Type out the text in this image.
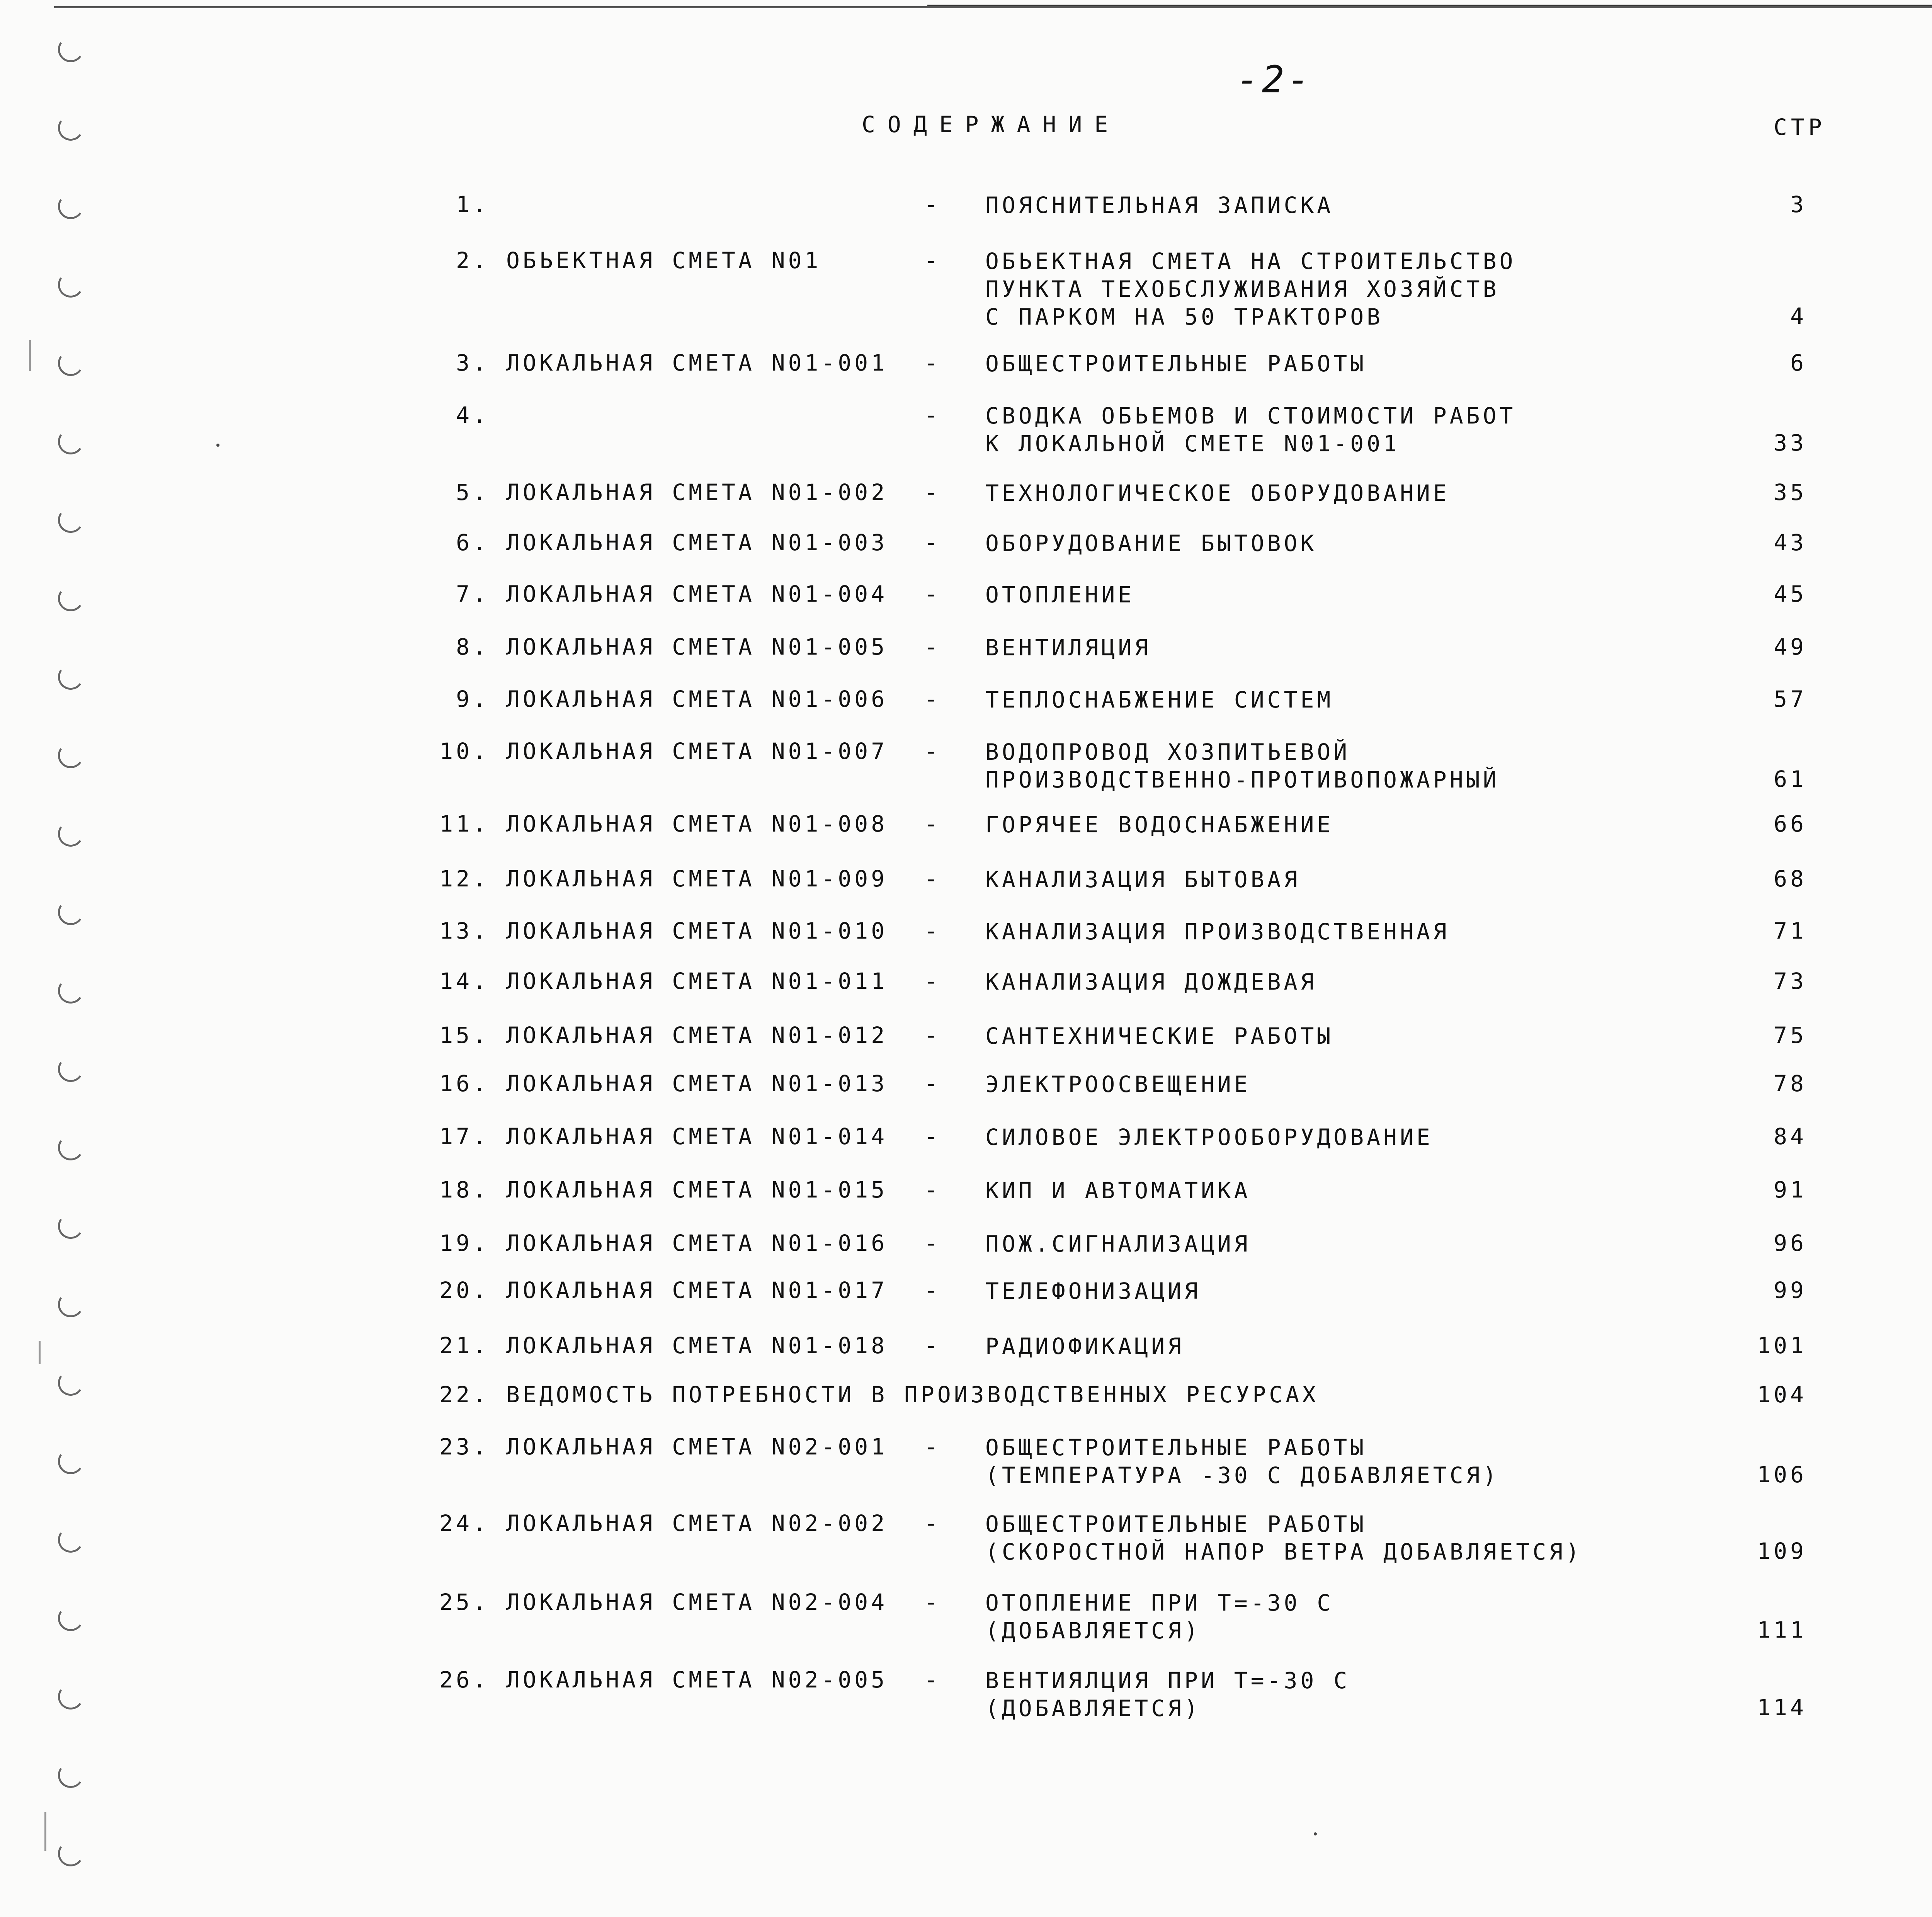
-2-
СОДЕРЖАНИЕ	СТР
1.	- ПОЯСНИТЕЛЬНАЯ ЗАПИСКА	3
2. ОБЬЕКТНАЯ СМЕТА N01	- ОБЬЕКТНАЯ СМЕТА НА СТРОИТЕЛЬСТВО
ПУНКТА ТЕХОБСЛУЖИВАНИЯ ХОЗЯЙСТВ
С ПАРКОМ НА 50 ТРАКТОРОВ	4
3. ЛОКАЛЬНАЯ СМЕТА N01-001 - ОБЩЕСТРОИТЕЛЬНЫЕ РАБОТЫ	6
4.	- СВОДКА ОБЬЕМОВ И СТОИМОСТИ РАБОТ
К ЛОКАЛЬНОЙ СМЕТЕ N01-001	33
5. ЛОКАЛЬНАЯ СМЕТА N01-002 - ТЕХНОЛОГИЧЕСКОЕ ОБОРУДОВАНИЕ	35
6. ЛОКАЛЬНАЯ СМЕТА N01-003 - ОБОРУДОВАНИЕ БЫТОВОК	43
7. ЛОКАЛЬНАЯ СМЕТА N01-004 - ОТОПЛЕНИЕ	45
8. ЛОКАЛЬНАЯ СМЕТА N01-005 - ВЕНТИЛЯЦИЯ	49
9. ЛОКАЛЬНАЯ СМЕТА N01-006 - ТЕПЛОСНАБЖЕНИЕ СИСТЕМ	57
10. ЛОКАЛЬНАЯ СМЕТА N01-007 - ВОДОПРОВОД ХОЗПИТЬЕВОЙ
ПРОИЗВОДСТВЕННО-ПРОТИВОПОЖАРНЫЙ	61
11. ЛОКАЛЬНАЯ СМЕТА N01-008 - ГОРЯЧЕЕ ВОДОСНАБЖЕНИЕ	66
12. ЛОКАЛЬНАЯ СМЕТА N01-009 - КАНАЛИЗАЦИЯ БЫТОВАЯ	68
13. ЛОКАЛЬНАЯ СМЕТА N01-010 - КАНАЛИЗАЦИЯ ПРОИЗВОДСТВЕННАЯ	71
14. ЛОКАЛЬНАЯ СМЕТА N01-011 - КАНАЛИЗАЦИЯ ДОЖДЕВАЯ	73
15. ЛОКАЛЬНАЯ СМЕТА N01-012 - САНТЕХНИЧЕСКИЕ РАБОТЫ	75
16. ЛОКАЛЬНАЯ СМЕТА N01-013 - ЭЛЕКТРООСВЕЩЕНИЕ	78
17. ЛОКАЛЬНАЯ СМЕТА N01-014 - СИЛОВОЕ ЭЛЕКТРООБОРУДОВАНИЕ	84
18. ЛОКАЛЬНАЯ СМЕТА N01-015 - КИП И АВТОМАТИКА	91
19. ЛОКАЛЬНАЯ СМЕТА N01-016 - ПОЖ.СИГНАЛИЗАЦИЯ	96
20. ЛОКАЛЬНАЯ СМЕТА N01-017 - ТЕЛЕФОНИЗАЦИЯ	99
21. ЛОКАЛЬНАЯ СМЕТА N01-018 - РАДИОФИКАЦИЯ	101
22. ВЕДОМОСТЬ ПОТРЕБНОСТИ В ПРОИЗВОДСТВЕННЫХ РЕСУРСАХ	104
23. ЛОКАЛЬНАЯ СМЕТА N02-001 - ОБЩЕСТРОИТЕЛЬНЫЕ РАБОТЫ
(ТЕМПЕРАТУРА -30 С ДОБАВЛЯЕТСЯ)	106
24. ЛОКАЛЬНАЯ СМЕТА N02-002 - ОБЩЕСТРОИТЕЛЬНЫЕ РАБОТЫ
(СКОРОСТНОЙ НАПОР ВЕТРА ДОБАВЛЯЕТСЯ)	109
25. ЛОКАЛЬНАЯ СМЕТА N02-004 - ОТОПЛЕНИЕ ПРИ Т=-30 С
(ДОБАВЛЯЕТСЯ)	111
26. ЛОКАЛЬНАЯ СМЕТА N02-005 - ВЕНТИЯЛЦИЯ ПРИ Т=-30 С
(ДОБАВЛЯЕТСЯ)	114
